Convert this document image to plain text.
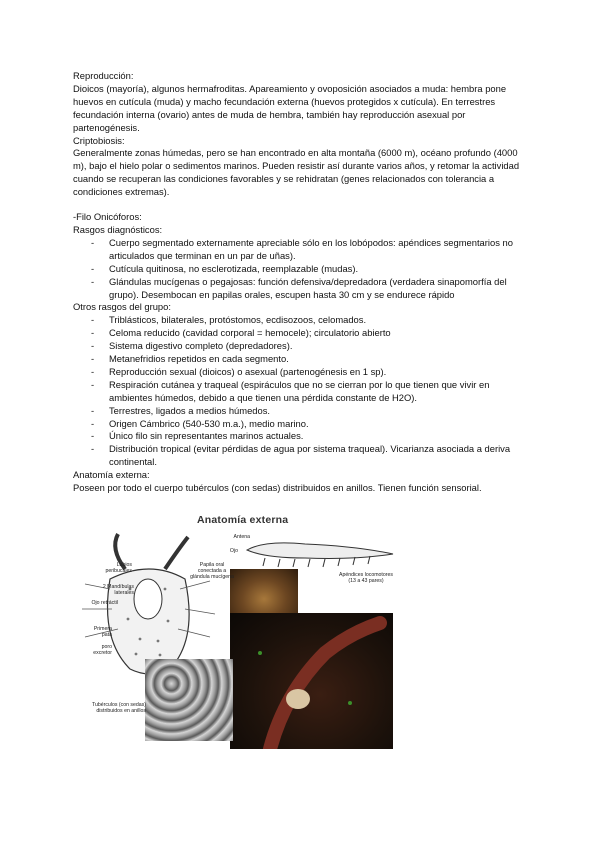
Reproducción:

Dioicos (mayoría), algunos hermafroditas. Apareamiento y ovoposición asociados a muda: hembra pone huevos en cutícula (muda) y macho fecundación externa (huevos protegidos x cutícula). En terrestres fecundación interna (ovario) antes de muda de hembra, también hay reproducción asexual por partenogénesis.

Criptobiosis:

Generalmente zonas húmedas, pero se han encontrado en alta montaña (6000 m), océano profundo (4000 m), bajo el hielo polar o sedimentos marinos. Pueden resistir así durante varios años, y retomar la actividad cuando se recuperan las condiciones favorables y se rehidratan (genes relacionados con tolerancia a condiciones extremas).

-Filo Onicóforos:

Rasgos diagnósticos:

- Cuerpo segmentado externamente apreciable sólo en los lobópodos: apéndices segmentarios no articulados que terminan en un par de uñas).
- Cutícula quitinosa, no esclerotizada, reemplazable (mudas).
- Glándulas mucígenas o pegajosas: función defensiva/depredadora (verdadera sinapomorfía del grupo). Desembocan en papilas orales, escupen hasta 30 cm y se endurece rápido

Otros rasgos del grupo:

- Triblásticos, bilaterales, protóstomos, ecdisozoos, celomados.
- Celoma reducido (cavidad corporal = hemocele); circulatorio abierto
- Sistema digestivo completo (depredadores).
- Metanefridios repetidos en cada segmento.
- Reproducción sexual (dioicos) o asexual (partenogénesis en 1 sp).
- Respiración cutánea y traqueal (espiráculos que no se cierran por lo que tienen que vivir en ambientes húmedos, debido a que tienen una pérdida constante de H2O).
- Terrestres, ligados a medios húmedos.
- Origen Cámbrico (540-530 m.a.), medio marino.
- Único filo sin representantes marinos actuales.
- Distribución tropical (evitar pérdidas de agua por sistema traqueal). Vicarianza asociada a deriva continental.

Anatomía externa:

Poseen por todo el cuerpo tubérculos (con sedas) distribuidos en anillos. Tienen función sensorial.

Anatomía externa
Antena
Ojo
Papila oral conectada a glándula mucígena	Apéndices locomotores (13 a 43 pares)
Labios peribucales
2 Mandíbulas laterales
Ojo retráctil
Primera pata
poro excretor
Tubérculos (con sedas) distribuidos en anillos
